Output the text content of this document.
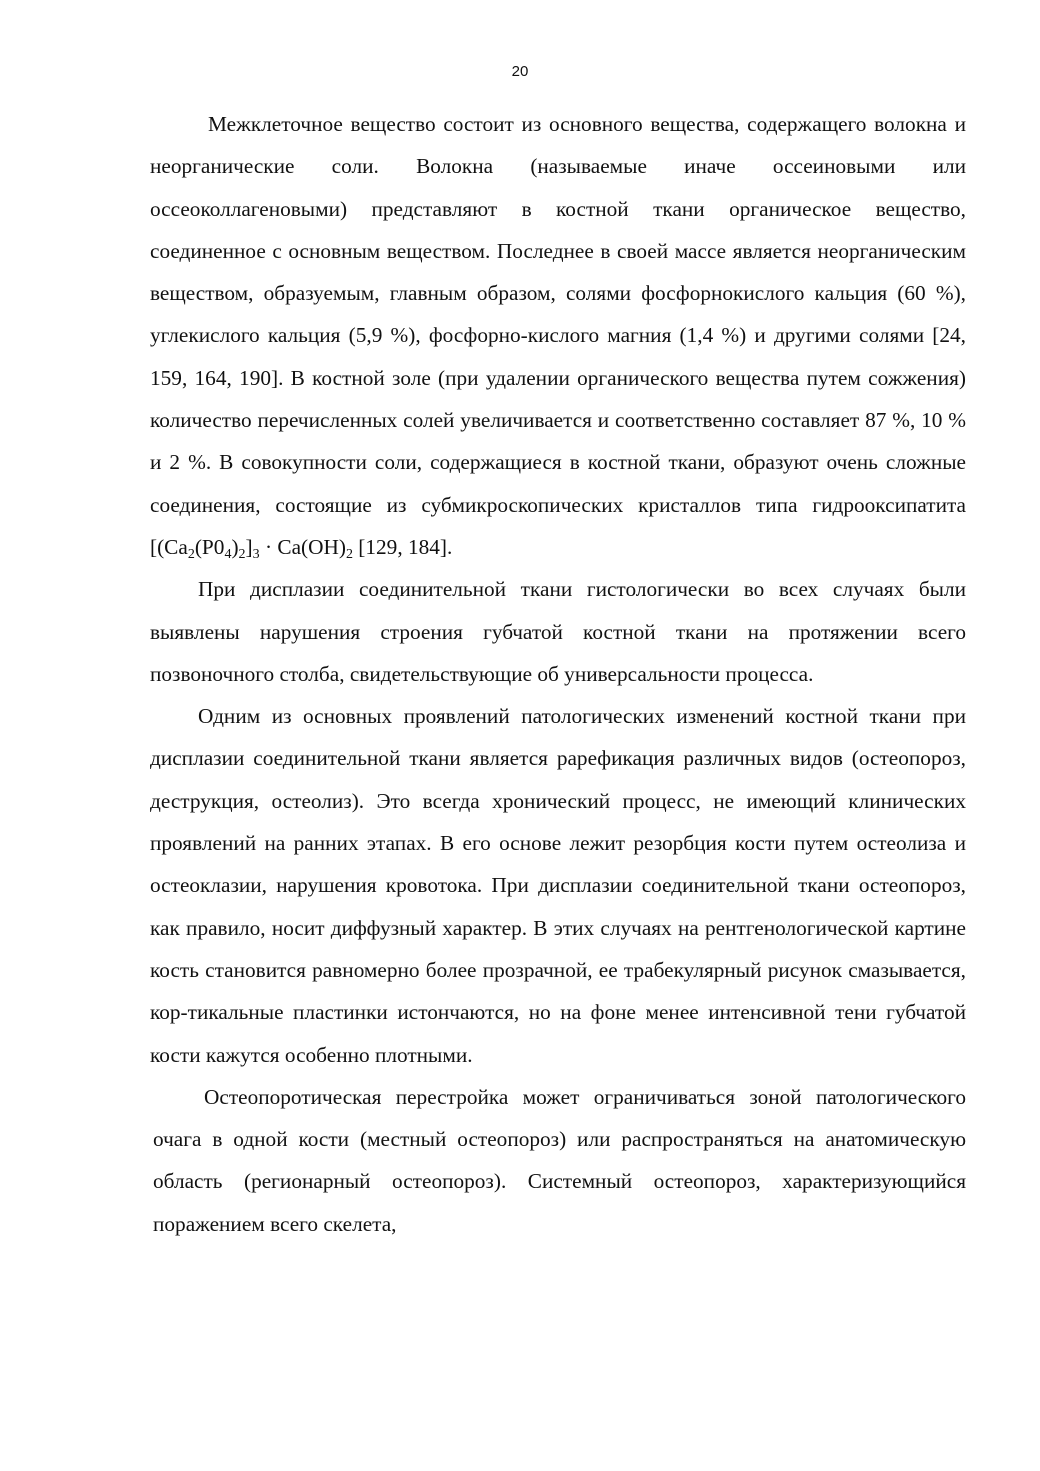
20

Межклеточное вещество состоит из основного вещества, содержащего волокна и неорганические соли. Волокна (называемые иначе оссеиновыми или оссеоколлагеновыми) представляют в костной ткани органическое вещество, соединенное с основным веществом. Последнее в своей массе является неорганическим веществом, образуемым, главным образом, солями фосфорнокислого кальция (60 %), углекислого кальция (5,9 %), фосфорно-кислого магния (1,4 %) и другими солями [24, 159, 164, 190]. В костной золе (при удалении органического вещества путем сожжения) количество перечисленных солей увеличивается и соответственно составляет 87 %, 10 % и 2 %. В совокупности соли, содержащиеся в костной ткани, образуют очень сложные соединения, состоящие из субмикроскопических кристаллов типа гидрооксипатита [$(Ca_2(P0_4)_2]_3 \cdot Ca(OH)_2$ [129, 184].

При дисплазии соединительной ткани гистологически во всех случаях были выявлены нарушения строения губчатой костной ткани на протяжении всего позвоночного столба, свидетельствующие об универсальности процесса.

Одним из основных проявлений патологических изменений костной ткани при дисплазии соединительной ткани является рарефикация различных видов (остеопороз, деструкция, остеолиз). Это всегда хронический процесс, не имеющий клинических проявлений на ранних этапах. В его основе лежит резорбция кости путем остеолиза и остеоклазии, нарушения кровотока. При дисплазии соединительной ткани остеопороз, как правило, носит диффузный характер. В этих случаях на рентгенологической картине кость становится равномерно более прозрачной, ее трабекулярный рисунок смазывается, кор-тикальные пластинки истончаются, но на фоне менее интенсивной тени губчатой кости кажутся особенно плотными.

Остеопоротическая перестройка может ограничиваться зоной патологического очага в одной кости (местный остеопороз) или распространяться на анатомическую область (регионарный остеопороз). Системный остеопороз, характеризующийся поражением всего скелета,
